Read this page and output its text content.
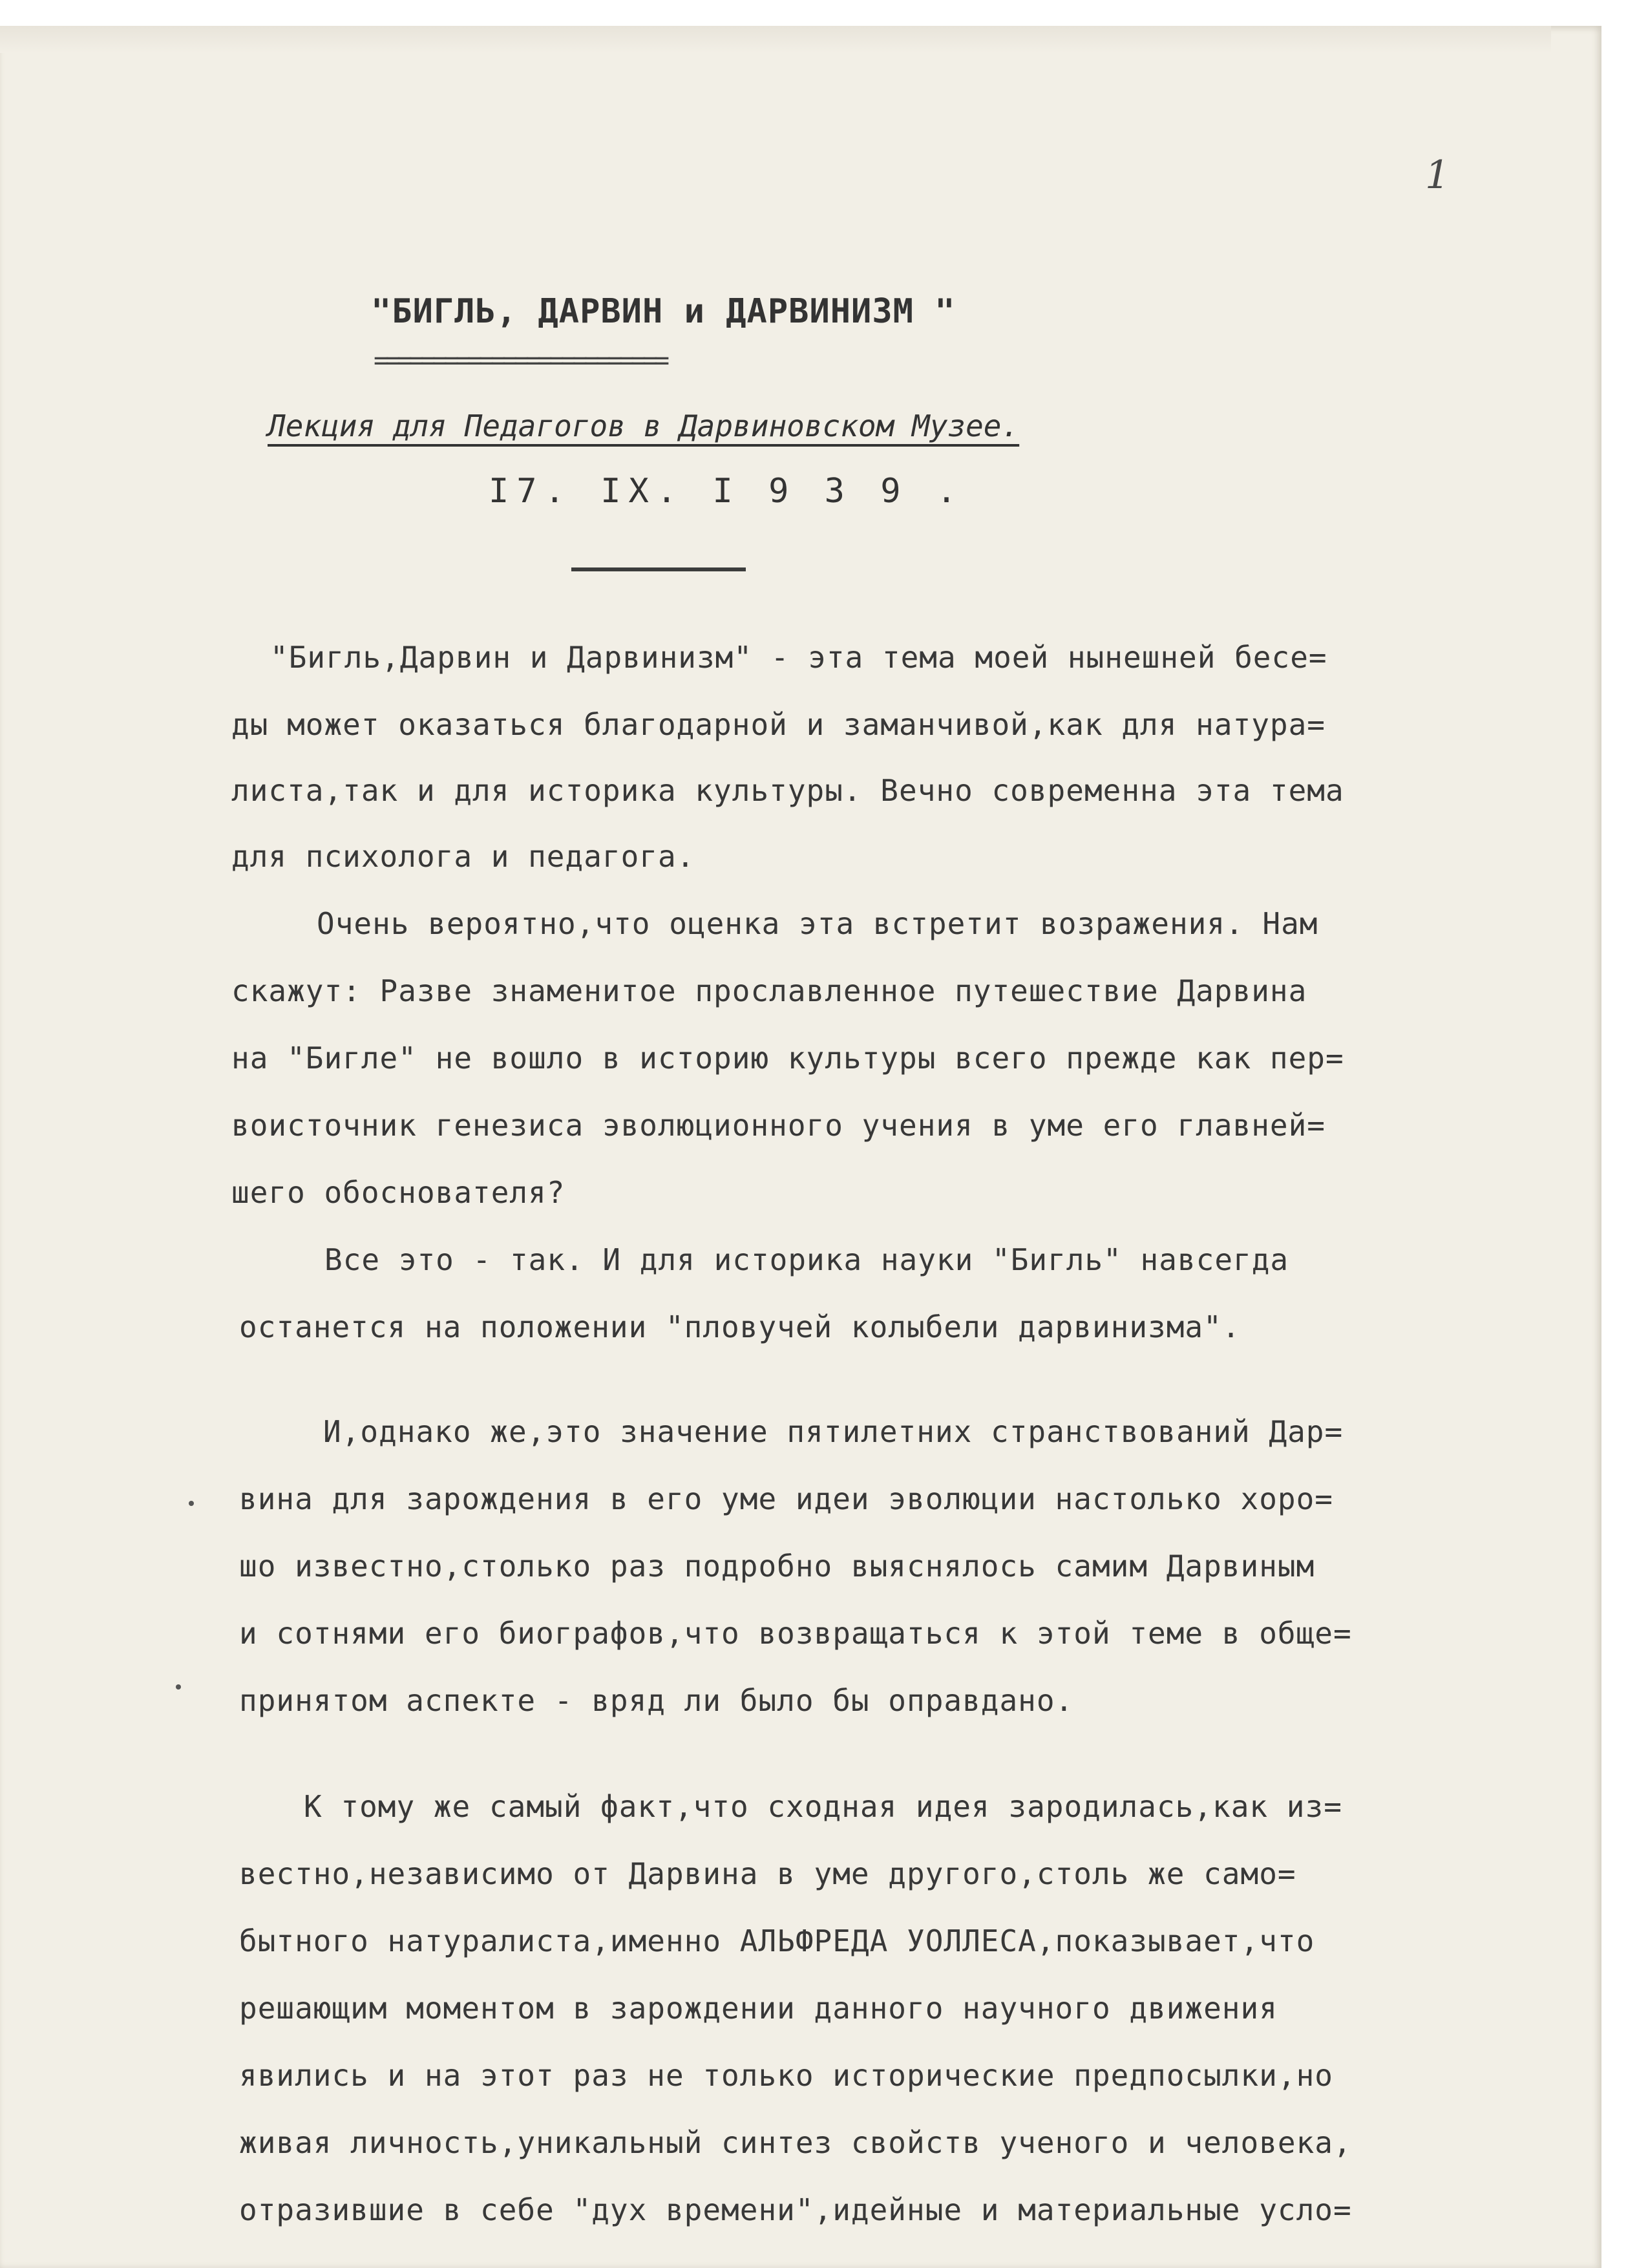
1
"БИГЛЬ, ДАРВИН и ДАРВИНИЗМ "
=========================
Лекция для Педагогов в Дарвиновском Музее.
I7. IX. I 9 3 9 .
"Бигль,Дарвин и Дарвинизм" - эта тема моей нынешней бесе=
ды может оказаться благодарной и заманчивой,как для натура=
листа,так и для историка культуры. Вечно современна эта тема
для психолога и педагога.
Очень вероятно,что оценка эта встретит возражения. Нам
скажут: Разве знаменитое прославленное путешествие Дарвина
на "Бигле" не вошло в историю культуры всего прежде как пер=
воисточник генезиса эволюционного учения в уме его главней=
шего обоснователя?
Все это - так. И для историка науки "Бигль" навсегда
останется на положении "пловучей колыбели дарвинизма".
И,однако же,это значение пятилетних странствований Дар=
вина для зарождения в его уме идеи эволюции настолько хоро=
шо известно,столько раз подробно выяснялось самим Дарвиным
и сотнями его биографов,что возвращаться к этой теме в обще=
принятом аспекте - вряд ли было бы оправдано.
К тому же самый факт,что сходная идея зародилась,как из=
вестно,независимо от Дарвина в уме другого,столь же само=
бытного натуралиста,именно АЛЬФРЕДА УОЛЛЕСА,показывает,что
решающим моментом в зарождении данного научного движения
явились и на этот раз не только исторические предпосылки,но
живая личность,уникальный синтез свойств ученого и человека,
отразившие в себе "дух времени",идейные и материальные усло=
